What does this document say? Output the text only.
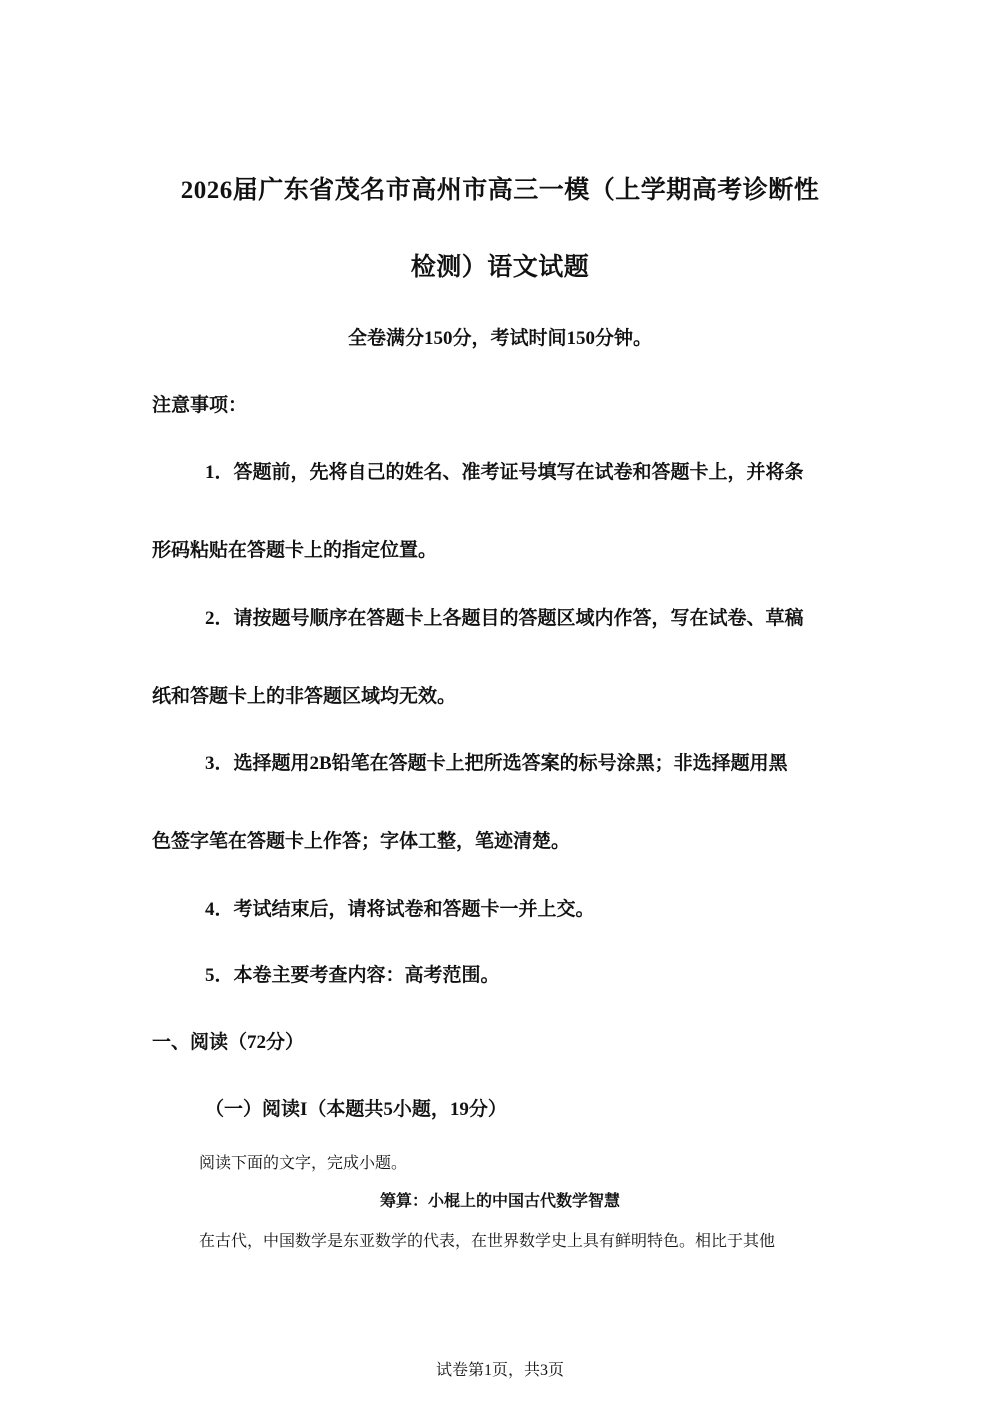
2026届广东省茂名市高州市高三一模（上学期高考诊断性
检测）语文试题

全卷满分150分，考试时间150分钟。

注意事项：

1．答题前，先将自己的姓名、准考证号填写在试卷和答题卡上，并将条

形码粘贴在答题卡上的指定位置。

2．请按题号顺序在答题卡上各题目的答题区域内作答，写在试卷、草稿

纸和答题卡上的非答题区域均无效。

3．选择题用2B铅笔在答题卡上把所选答案的标号涂黑；非选择题用黑

色签字笔在答题卡上作答；字体工整，笔迹清楚。

4．考试结束后，请将试卷和答题卡一并上交。

5．本卷主要考查内容：高考范围。

一、阅读（72分）

（一）阅读I（本题共5小题，19分）

阅读下面的文字，完成小题。

筹算：小棍上的中国古代数学智慧

在古代，中国数学是东亚数学的代表，在世界数学史上具有鲜明特色。相比于其他

试卷第1页，共3页
